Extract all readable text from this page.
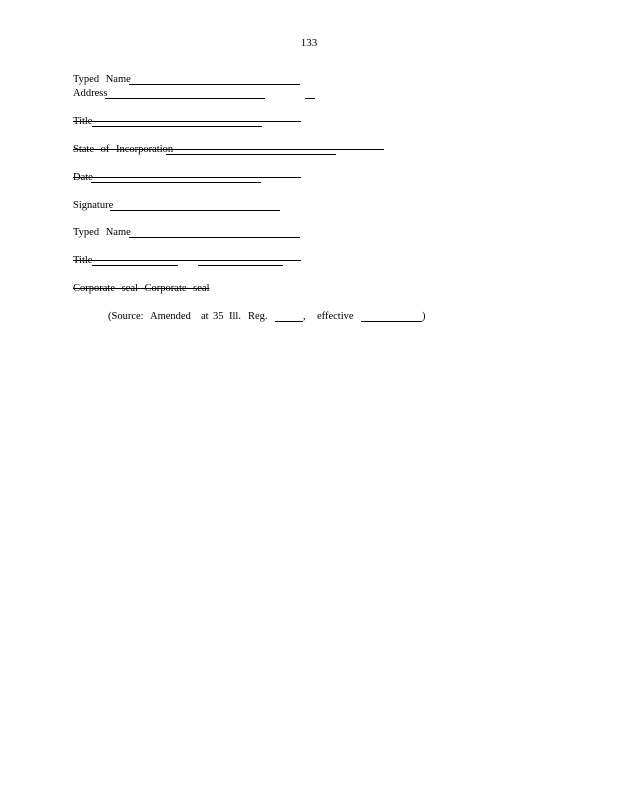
133
Typed Name
Address
Title
State of Incorporation
Date
Signature
Typed Name
Title
Corporate seal Corporate seal
(Source: Amended at 35 Ill. Reg.	, effective	)
